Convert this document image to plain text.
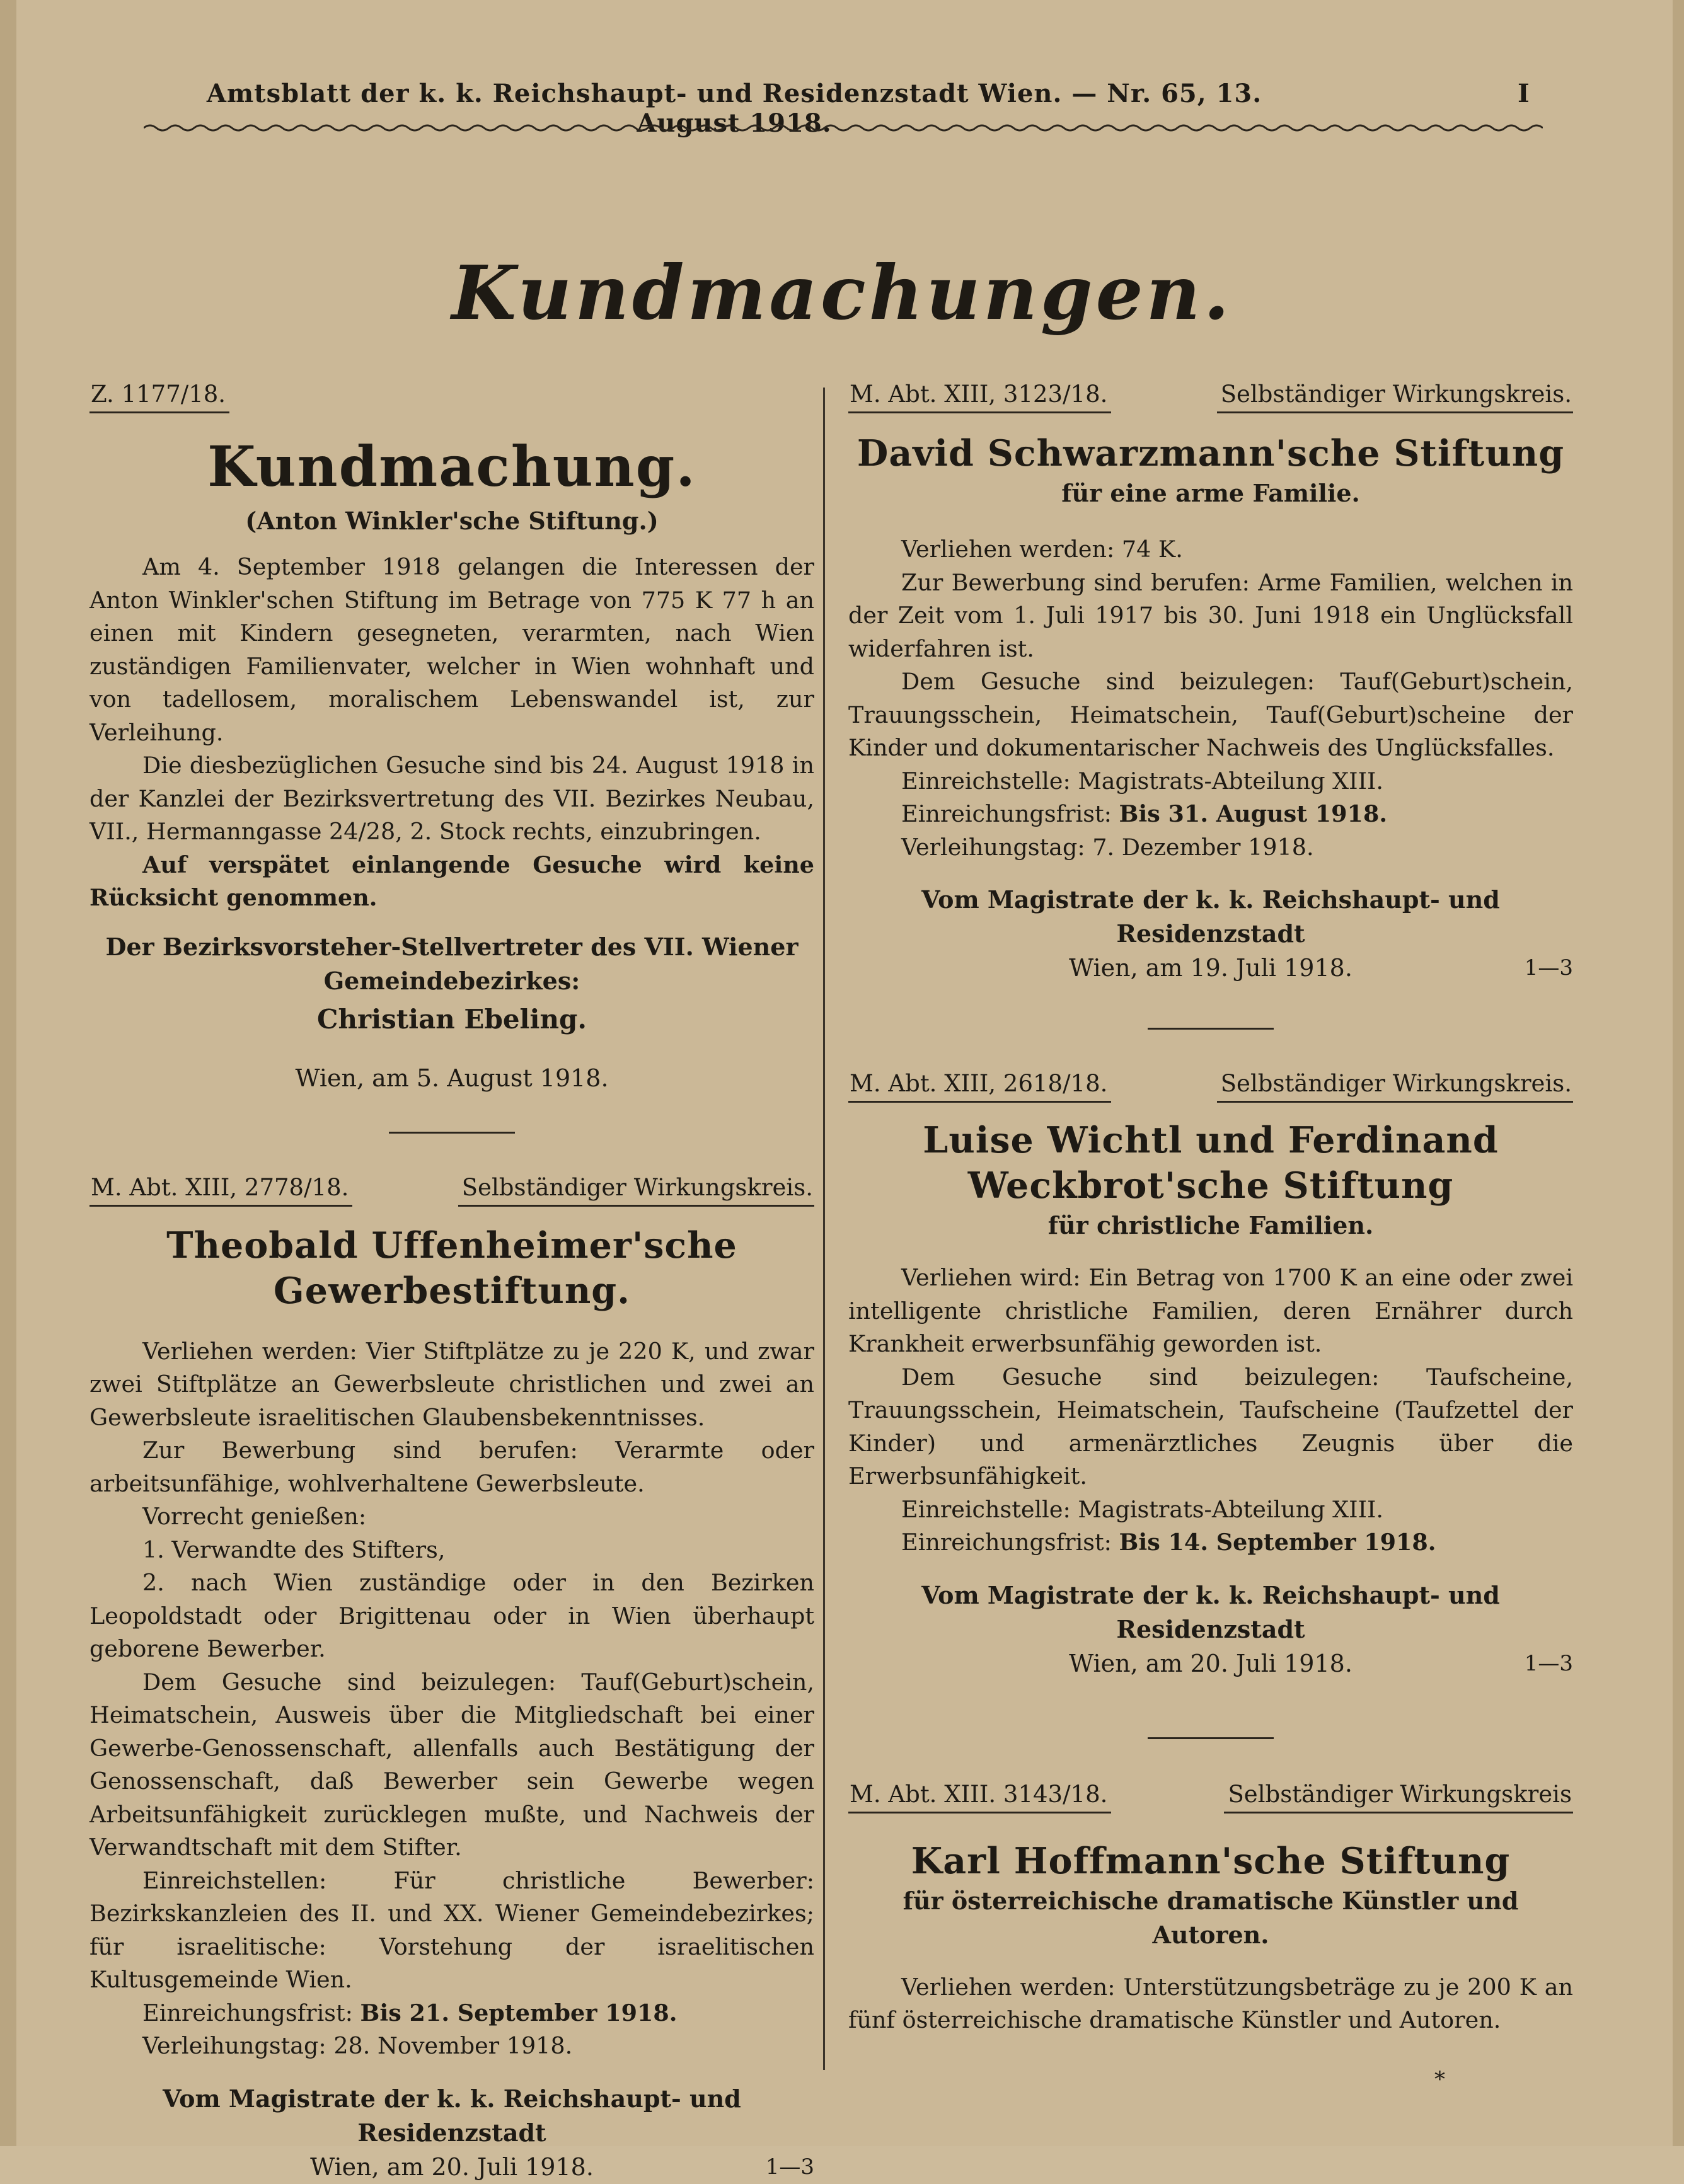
Amtsblatt der k. k. Reichshaupt- und Residenzstadt Wien. — Nr. 65, 13. August 1918.
I
Kundmachungen.
Z. 1177/18.
Kundmachung.
(Anton Winkler'sche Stiftung.)

Am 4. September 1918 gelangen die Interessen der Anton Winkler'schen Stiftung im Betrage von 775 K 77 h an einen mit Kindern gesegneten, verarmten, nach Wien zuständigen Familienvater, welcher in Wien wohnhaft und von tadellosem, moralischem Lebenswandel ist, zur Verleihung.

Die diesbezüglichen Gesuche sind bis 24. August 1918 in der Kanzlei der Bezirksvertretung des VII. Bezirkes Neubau, VII., Hermanngasse 24/28, 2. Stock rechts, einzubringen.

Auf verspätet einlangende Gesuche wird keine Rücksicht genommen.

Der Bezirksvorsteher-Stellvertreter des VII. Wiener
Gemeindebezirkes:
Christian Ebeling.
Wien, am 5. August 1918.
M. Abt. XIII, 2778/18.	Selbständiger Wirkungskreis.
Theobald Uffenheimer'sche Gewerbestiftung.

Verliehen werden: Vier Stiftplätze zu je 220 K, und zwar zwei Stiftplätze an Gewerbsleute christlichen und zwei an Gewerbsleute israelitischen Glaubensbekenntnisses.

Zur Bewerbung sind berufen: Verarmte oder arbeitsunfähige, wohlverhaltene Gewerbsleute.

Vorrecht genießen:

1. Verwandte des Stifters,

2. nach Wien zuständige oder in den Bezirken Leopoldstadt oder Brigittenau oder in Wien überhaupt geborene Bewerber.

Dem Gesuche sind beizulegen: Tauf(Geburt)schein, Heimatschein, Ausweis über die Mitgliedschaft bei einer Gewerbe-Genossenschaft, allenfalls auch Bestätigung der Genossenschaft, daß Bewerber sein Gewerbe wegen Arbeitsunfähigkeit zurücklegen mußte, und Nachweis der Verwandtschaft mit dem Stifter.

Einreichstellen: Für christliche Bewerber: Bezirkskanzleien des II. und XX. Wiener Gemeindebezirkes; für israelitische: Vorstehung der israelitischen Kultusgemeinde Wien.

Einreichungsfrist: Bis 21. September 1918.

Verleihungstag: 28. November 1918.

Vom Magistrate der k. k. Reichshaupt- und Residenzstadt
Wien, am 20. Juli 1918.	1—3
M. Abt. XIII, 3123/18.	Selbständiger Wirkungskreis.
David Schwarzmann'sche Stiftung
für eine arme Familie.

Verliehen werden: 74 K.

Zur Bewerbung sind berufen: Arme Familien, welchen in der Zeit vom 1. Juli 1917 bis 30. Juni 1918 ein Unglücksfall widerfahren ist.

Dem Gesuche sind beizulegen: Tauf(Geburt)schein, Trauungsschein, Heimatschein, Tauf(Geburt)scheine der Kinder und dokumentarischer Nachweis des Unglücksfalles.

Einreichstelle: Magistrats-Abteilung XIII.

Einreichungsfrist: Bis 31. August 1918.

Verleihungstag: 7. Dezember 1918.

Vom Magistrate der k. k. Reichshaupt- und Residenzstadt
Wien, am 19. Juli 1918.	1—3
M. Abt. XIII, 2618/18.	Selbständiger Wirkungskreis.
Luise Wichtl und Ferdinand Weckbrot'sche Stiftung
für christliche Familien.

Verliehen wird: Ein Betrag von 1700 K an eine oder zwei intelligente christliche Familien, deren Ernährer durch Krankheit erwerbsunfähig geworden ist.

Dem Gesuche sind beizulegen: Taufscheine, Trauungsschein, Heimatschein, Taufscheine (Taufzettel der Kinder) und armenärztliches Zeugnis über die Erwerbsunfähigkeit.

Einreichstelle: Magistrats-Abteilung XIII.

Einreichungsfrist: Bis 14. September 1918.

Vom Magistrate der k. k. Reichshaupt- und Residenzstadt
Wien, am 20. Juli 1918.	1—3
M. Abt. XIII. 3143/18.	Selbständiger Wirkungskreis
Karl Hoffmann'sche Stiftung
für österreichische dramatische Künstler und Autoren.

Verliehen werden: Unterstützungsbeträge zu je 200 K an fünf österreichische dramatische Künstler und Autoren.

*
